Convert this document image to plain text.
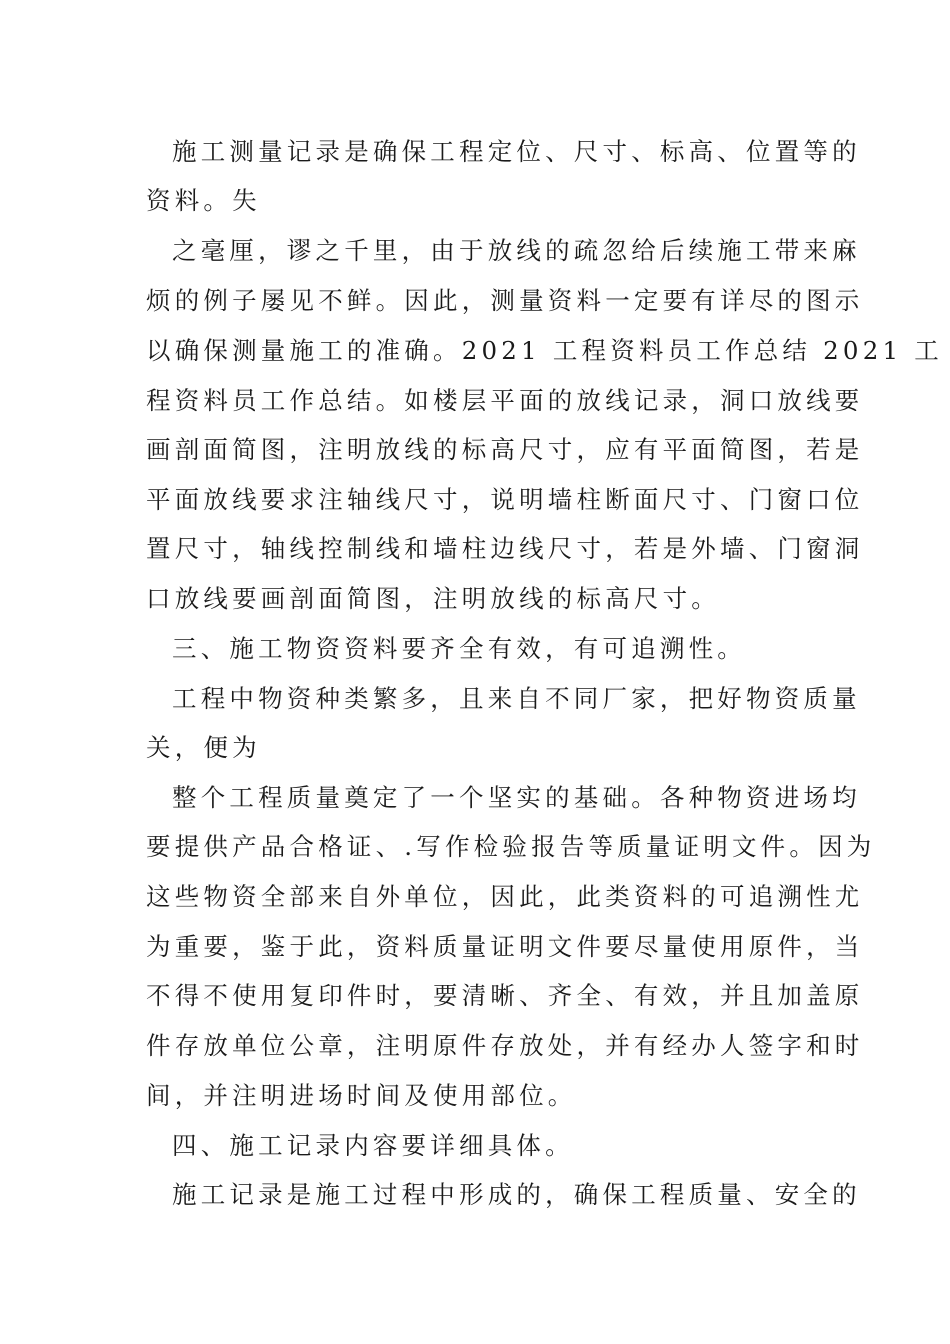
施工测量记录是确保工程定位、尺寸、标高、位置等的
资料。失
之毫厘，谬之千里，由于放线的疏忽给后续施工带来麻
烦的例子屡见不鲜。因此，测量资料一定要有详尽的图示
以确保测量施工的准确。2021 工程资料员工作总结 2021 工
程资料员工作总结。如楼层平面的放线记录，洞口放线要
画剖面简图，注明放线的标高尺寸，应有平面简图，若是
平面放线要求注轴线尺寸，说明墙柱断面尺寸、门窗口位
置尺寸，轴线控制线和墙柱边线尺寸，若是外墙、门窗洞
口放线要画剖面简图，注明放线的标高尺寸。
三、施工物资资料要齐全有效，有可追溯性。
工程中物资种类繁多，且来自不同厂家，把好物资质量
关，便为
整个工程质量奠定了一个坚实的基础。各种物资进场均
要提供产品合格证、.写作检验报告等质量证明文件。因为
这些物资全部来自外单位，因此，此类资料的可追溯性尤
为重要，鉴于此，资料质量证明文件要尽量使用原件，当
不得不使用复印件时，要清晰、齐全、有效，并且加盖原
件存放单位公章，注明原件存放处，并有经办人签字和时
间，并注明进场时间及使用部位。
四、施工记录内容要详细具体。
施工记录是施工过程中形成的，确保工程质量、安全的
